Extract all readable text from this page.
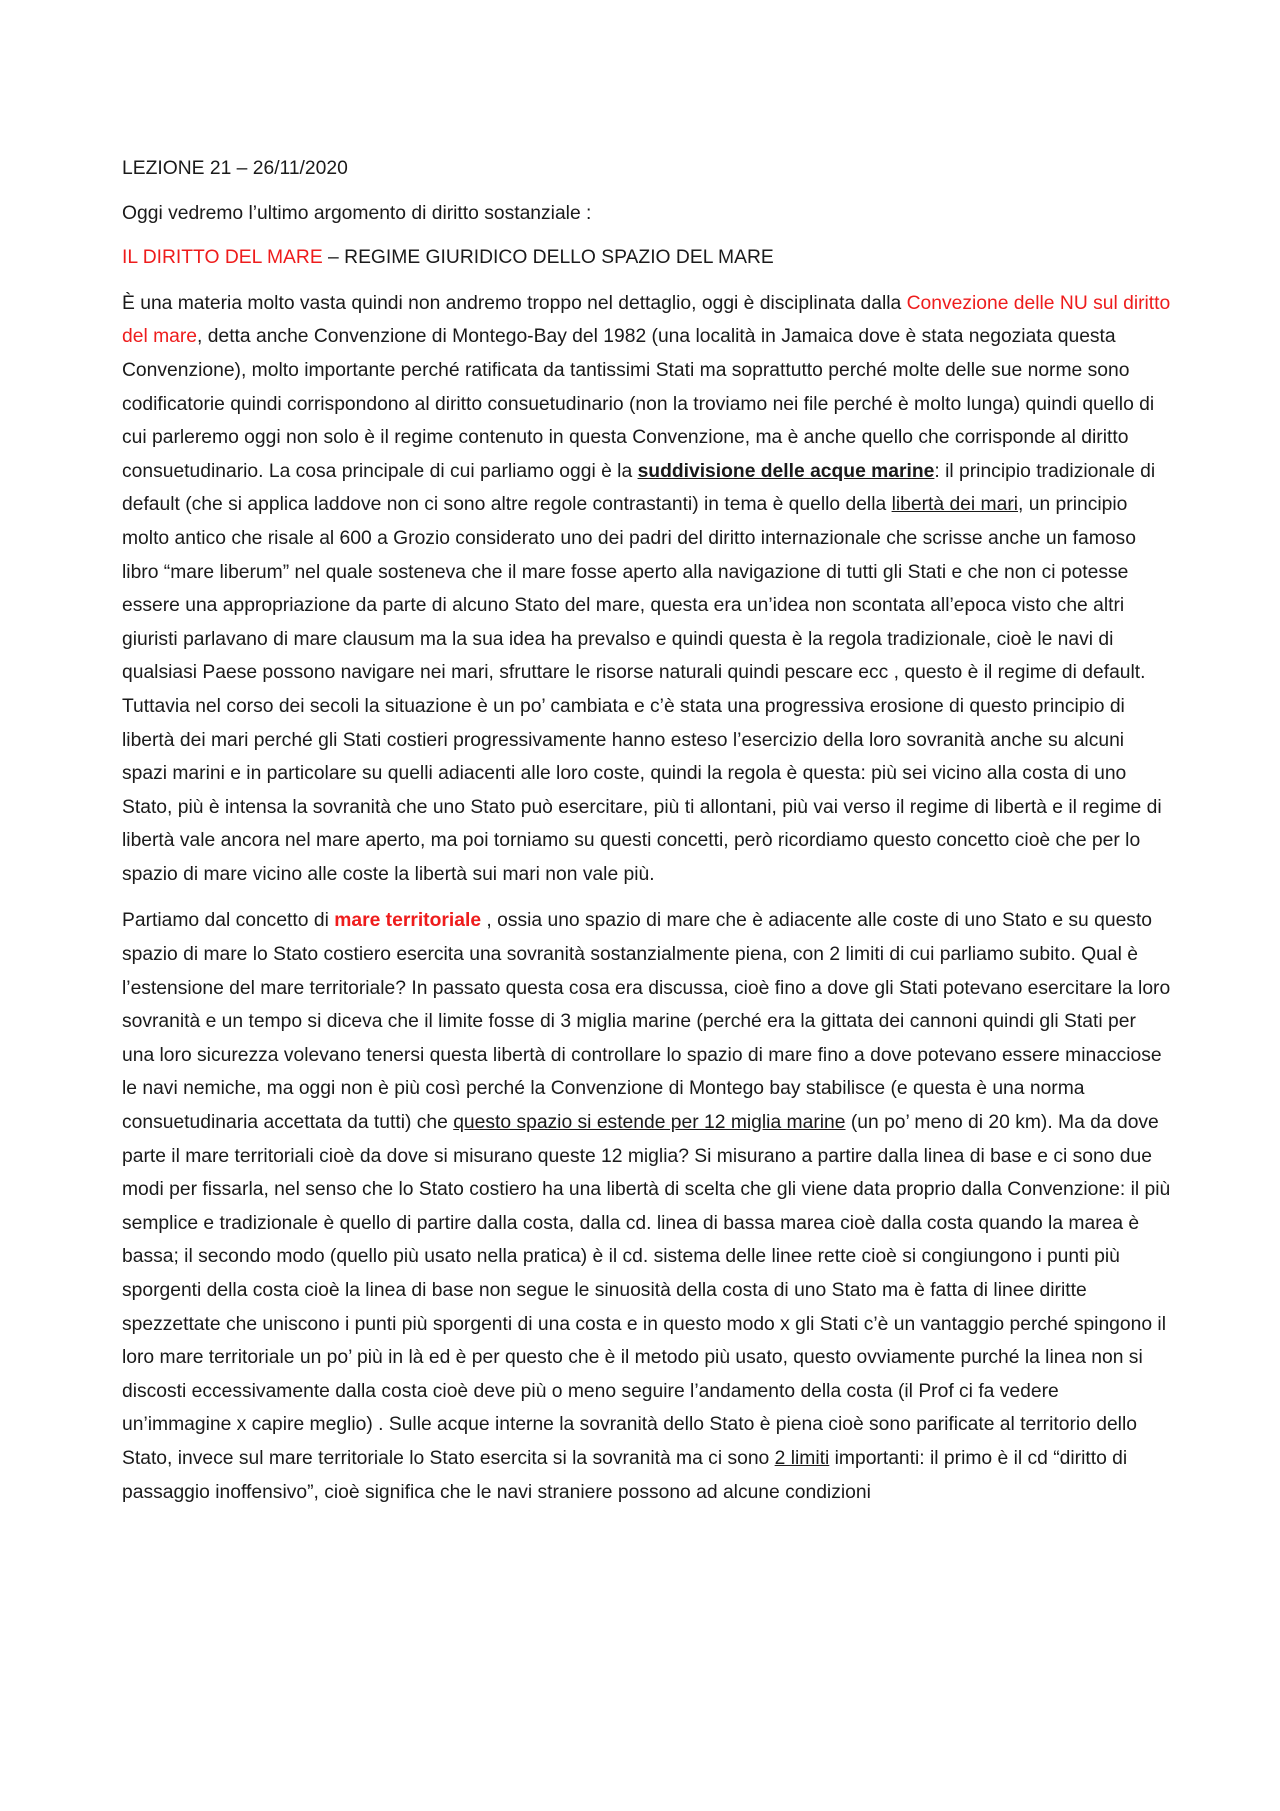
LEZIONE 21 – 26/11/2020

Oggi vedremo l’ultimo argomento di diritto sostanziale :

IL DIRITTO DEL MARE – REGIME GIURIDICO DELLO SPAZIO DEL MARE

È una materia molto vasta quindi non andremo troppo nel dettaglio, oggi è disciplinata dalla Convezione delle NU sul diritto del mare, detta anche Convenzione di Montego-Bay del 1982 (una località in Jamaica dove è stata negoziata questa Convenzione), molto importante perché ratificata da tantissimi Stati ma soprattutto perché molte delle sue norme sono codificatorie quindi corrispondono al diritto consuetudinario (non la troviamo nei file perché è molto lunga) quindi quello di cui parleremo oggi non solo è il regime contenuto in questa Convenzione, ma è anche quello che corrisponde al diritto consuetudinario. La cosa principale di cui parliamo oggi è la suddivisione delle acque marine: il principio tradizionale di default (che si applica laddove non ci sono altre regole contrastanti) in tema è quello della libertà dei mari, un principio molto antico che risale al 600 a Grozio considerato uno dei padri del diritto internazionale che scrisse anche un famoso libro “mare liberum” nel quale sosteneva che il mare fosse aperto alla navigazione di tutti gli Stati e che non ci potesse essere una appropriazione da parte di alcuno Stato del mare, questa era un’idea non scontata all’epoca visto che altri giuristi parlavano di mare clausum ma la sua idea ha prevalso e quindi questa è la regola tradizionale, cioè le navi di qualsiasi Paese possono navigare nei mari, sfruttare le risorse naturali quindi pescare ecc , questo è il regime di default. Tuttavia nel corso dei secoli la situazione è un po’ cambiata e c’è stata una progressiva erosione di questo principio di libertà dei mari perché gli Stati costieri progressivamente hanno esteso l’esercizio della loro sovranità anche su alcuni spazi marini e in particolare su quelli adiacenti alle loro coste, quindi la regola è questa: più sei vicino alla costa di uno Stato, più è intensa la sovranità che uno Stato può esercitare, più ti allontani, più vai verso il regime di libertà e il regime di libertà vale ancora nel mare aperto, ma poi torniamo su questi concetti, però ricordiamo questo concetto cioè che per lo spazio di mare vicino alle coste la libertà sui mari non vale più.

Partiamo dal concetto di mare territoriale , ossia uno spazio di mare che è adiacente alle coste di uno Stato e su questo spazio di mare lo Stato costiero esercita una sovranità sostanzialmente piena, con 2 limiti di cui parliamo subito. Qual è l’estensione del mare territoriale? In passato questa cosa era discussa, cioè fino a dove gli Stati potevano esercitare la loro sovranità e un tempo si diceva che il limite fosse di 3 miglia marine (perché era la gittata dei cannoni quindi gli Stati per una loro sicurezza volevano tenersi questa libertà di controllare lo spazio di mare fino a dove potevano essere minacciose le navi nemiche, ma oggi non è più così perché la Convenzione di Montego bay stabilisce (e questa è una norma consuetudinaria accettata da tutti) che questo spazio si estende per 12 miglia marine (un po’ meno di 20 km). Ma da dove parte il mare territoriali cioè da dove si misurano queste 12 miglia? Si misurano a partire dalla linea di base e ci sono due modi per fissarla, nel senso che lo Stato costiero ha una libertà di scelta che gli viene data proprio dalla Convenzione: il più semplice e tradizionale è quello di partire dalla costa, dalla cd. linea di bassa marea cioè dalla costa quando la marea è bassa; il secondo modo (quello più usato nella pratica) è il cd. sistema delle linee rette cioè si congiungono i punti più sporgenti della costa cioè la linea di base non segue le sinuosità della costa di uno Stato ma è fatta di linee diritte spezzettate che uniscono i punti più sporgenti di una costa e in questo modo x gli Stati c’è un vantaggio perché spingono il loro mare territoriale un po’ più in là ed è per questo che è il metodo più usato, questo ovviamente purché la linea non si discosti eccessivamente dalla costa cioè deve più o meno seguire l’andamento della costa (il Prof ci fa vedere un’immagine x capire meglio) . Sulle acque interne la sovranità dello Stato è piena cioè sono parificate al territorio dello Stato, invece sul mare territoriale lo Stato esercita si la sovranità ma ci sono 2 limiti importanti: il primo è il cd “diritto di passaggio inoffensivo”, cioè significa che le navi straniere possono ad alcune condizioni
